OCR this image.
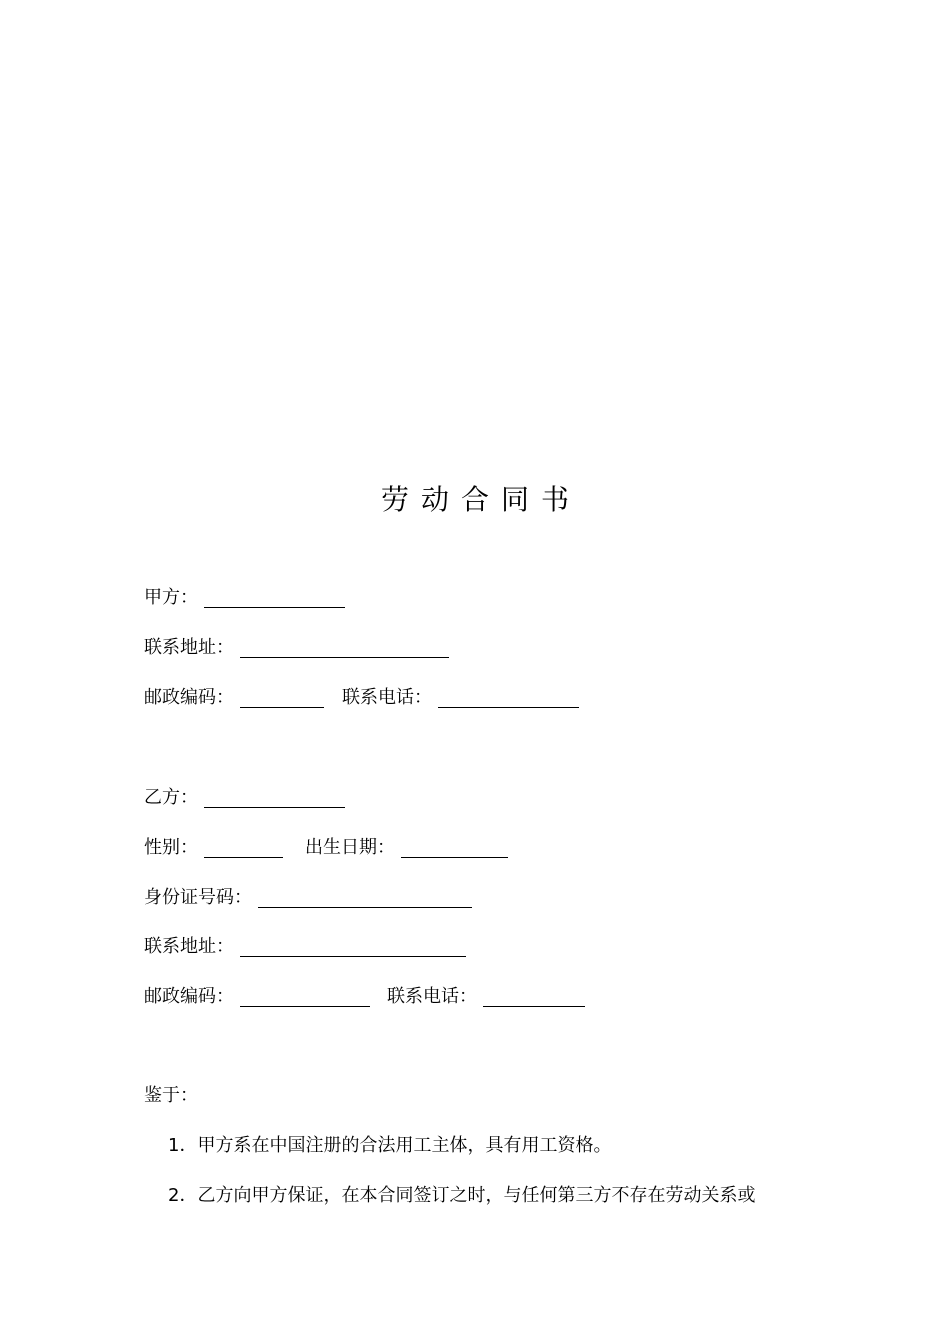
劳动合同书
甲方：
联系地址：
邮政编码：	联系电话：
乙方：
性别：	出生日期：
身份证号码：
联系地址：
邮政编码：	联系电话：
鉴于：
1．甲方系在中国注册的合法用工主体，具有用工资格。
2．乙方向甲方保证，在本合同签订之时，与任何第三方不存在劳动关系或
